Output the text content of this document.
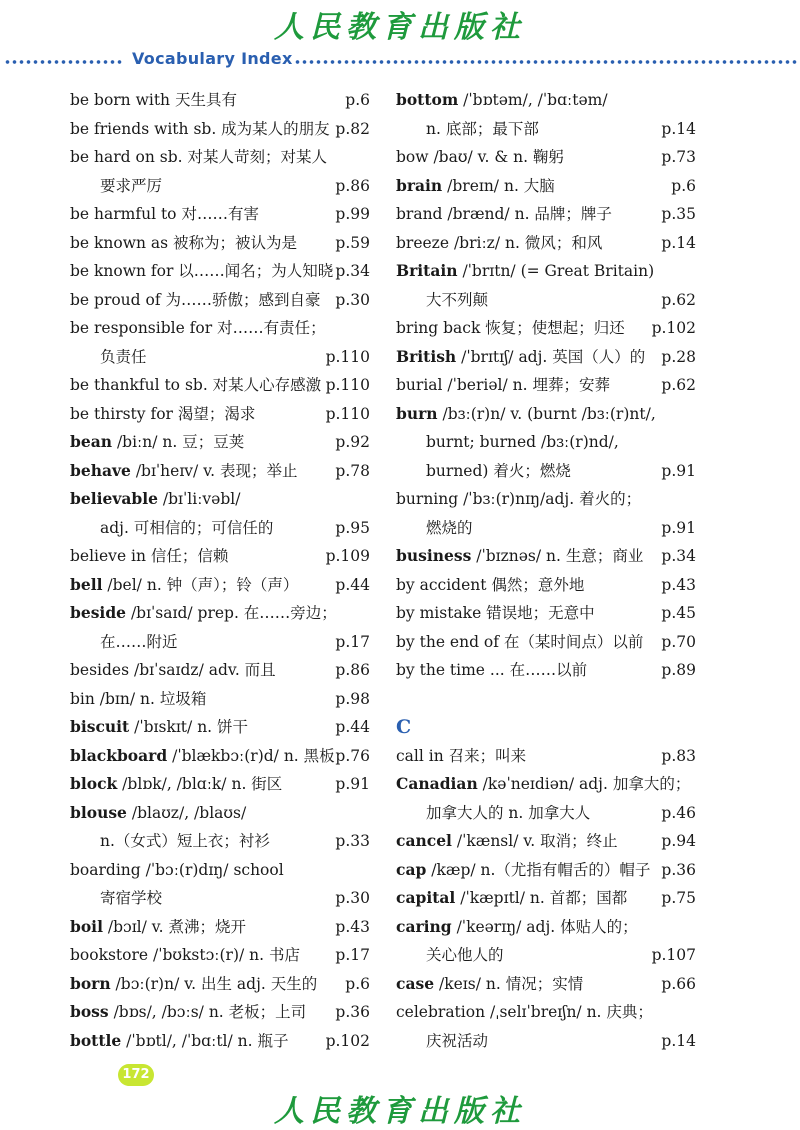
人民教育出版社
Vocabulary Index
be born with 天生具有	p.6
be friends with sb. 成为某人的朋友 p.82
be hard on sb. 对某人苛刻；对某人
要求严厉	p.86
be harmful to 对……有害	p.99
be known as 被称为；被认为是 p.59
be known for 以……闻名；为人知晓 p.34
be proud of 为……骄傲；感到自豪 p.30
be responsible for 对……有责任；
负责任	p.110
be thankful to sb. 对某人心存感激 p.110
be thirsty for 渴望；渴求	p.110
bean /biːn/ n. 豆；豆荚	p.92
behave /bɪˈheɪv/ v. 表现；举止 p.78
believable /bɪˈliːvəbl/
adj. 可相信的；可信任的	p.95
believe in 信任；信赖	p.109
bell /bel/ n. 钟（声）；铃（声） p.44
beside /bɪˈsaɪd/ prep. 在……旁边；
在……附近	p.17
besides /bɪˈsaɪdz/ adv. 而且	p.86
bin /bɪn/ n. 垃圾箱	p.98
biscuit /ˈbɪskɪt/ n. 饼干	p.44
blackboard /ˈblækbɔː(r)d/ n. 黑板 p.76
block /blɒk/, /blɑːk/ n. 街区	p.91
blouse /blaʊz/, /blaʊs/
n.（女式）短上衣；衬衫	p.33
boarding /ˈbɔː(r)dɪŋ/ school
寄宿学校	p.30
boil /bɔɪl/ v. 煮沸；烧开	p.43
bookstore /ˈbʊkstɔː(r)/ n. 书店 p.17
born /bɔː(r)n/ v. 出生 adj. 天生的 p.6
boss /bɒs/, /bɔːs/ n. 老板；上司 p.36
bottle /ˈbɒtl/, /ˈbɑːtl/ n. 瓶子 p.102
bottom /ˈbɒtəm/, /ˈbɑːtəm/
n. 底部；最下部	p.14
bow /baʊ/ v. & n. 鞠躬	p.73
brain /breɪn/ n. 大脑	p.6
brand /brænd/ n. 品牌；牌子	p.35
breeze /briːz/ n. 微风；和风	p.14
Britain /ˈbrɪtn/ (= Great Britain)
大不列颠	p.62
bring back 恢复；使想起；归还 p.102
British /ˈbrɪtɪʃ/ adj. 英国（人）的 p.28
burial /ˈberiəl/ n. 埋葬；安葬	p.62
burn /bɜː(r)n/ v. (burnt /bɜː(r)nt/,
burnt; burned /bɜː(r)nd/,
burned) 着火；燃烧	p.91
burning /ˈbɜː(r)nɪŋ/adj. 着火的；
燃烧的	p.91
business /ˈbɪznəs/ n. 生意；商业 p.34
by accident 偶然；意外地	p.43
by mistake 错误地；无意中	p.45
by the end of 在（某时间点）以前 p.70
by the time ... 在……以前	p.89
C
call in 召来；叫来	p.83
Canadian /kəˈneɪdiən/ adj. 加拿大的；
加拿大人的 n. 加拿大人	p.46
cancel /ˈkænsl/ v. 取消；终止	p.94
cap /kæp/ n.（尤指有帽舌的）帽子 p.36
capital /ˈkæpɪtl/ n. 首都；国都 p.75
caring /ˈkeərɪŋ/ adj. 体贴人的；
关心他人的	p.107
case /keɪs/ n. 情况；实情	p.66
celebration /ˌselɪˈbreɪʃn/ n. 庆典；
庆祝活动	p.14
172
人民教育出版社
